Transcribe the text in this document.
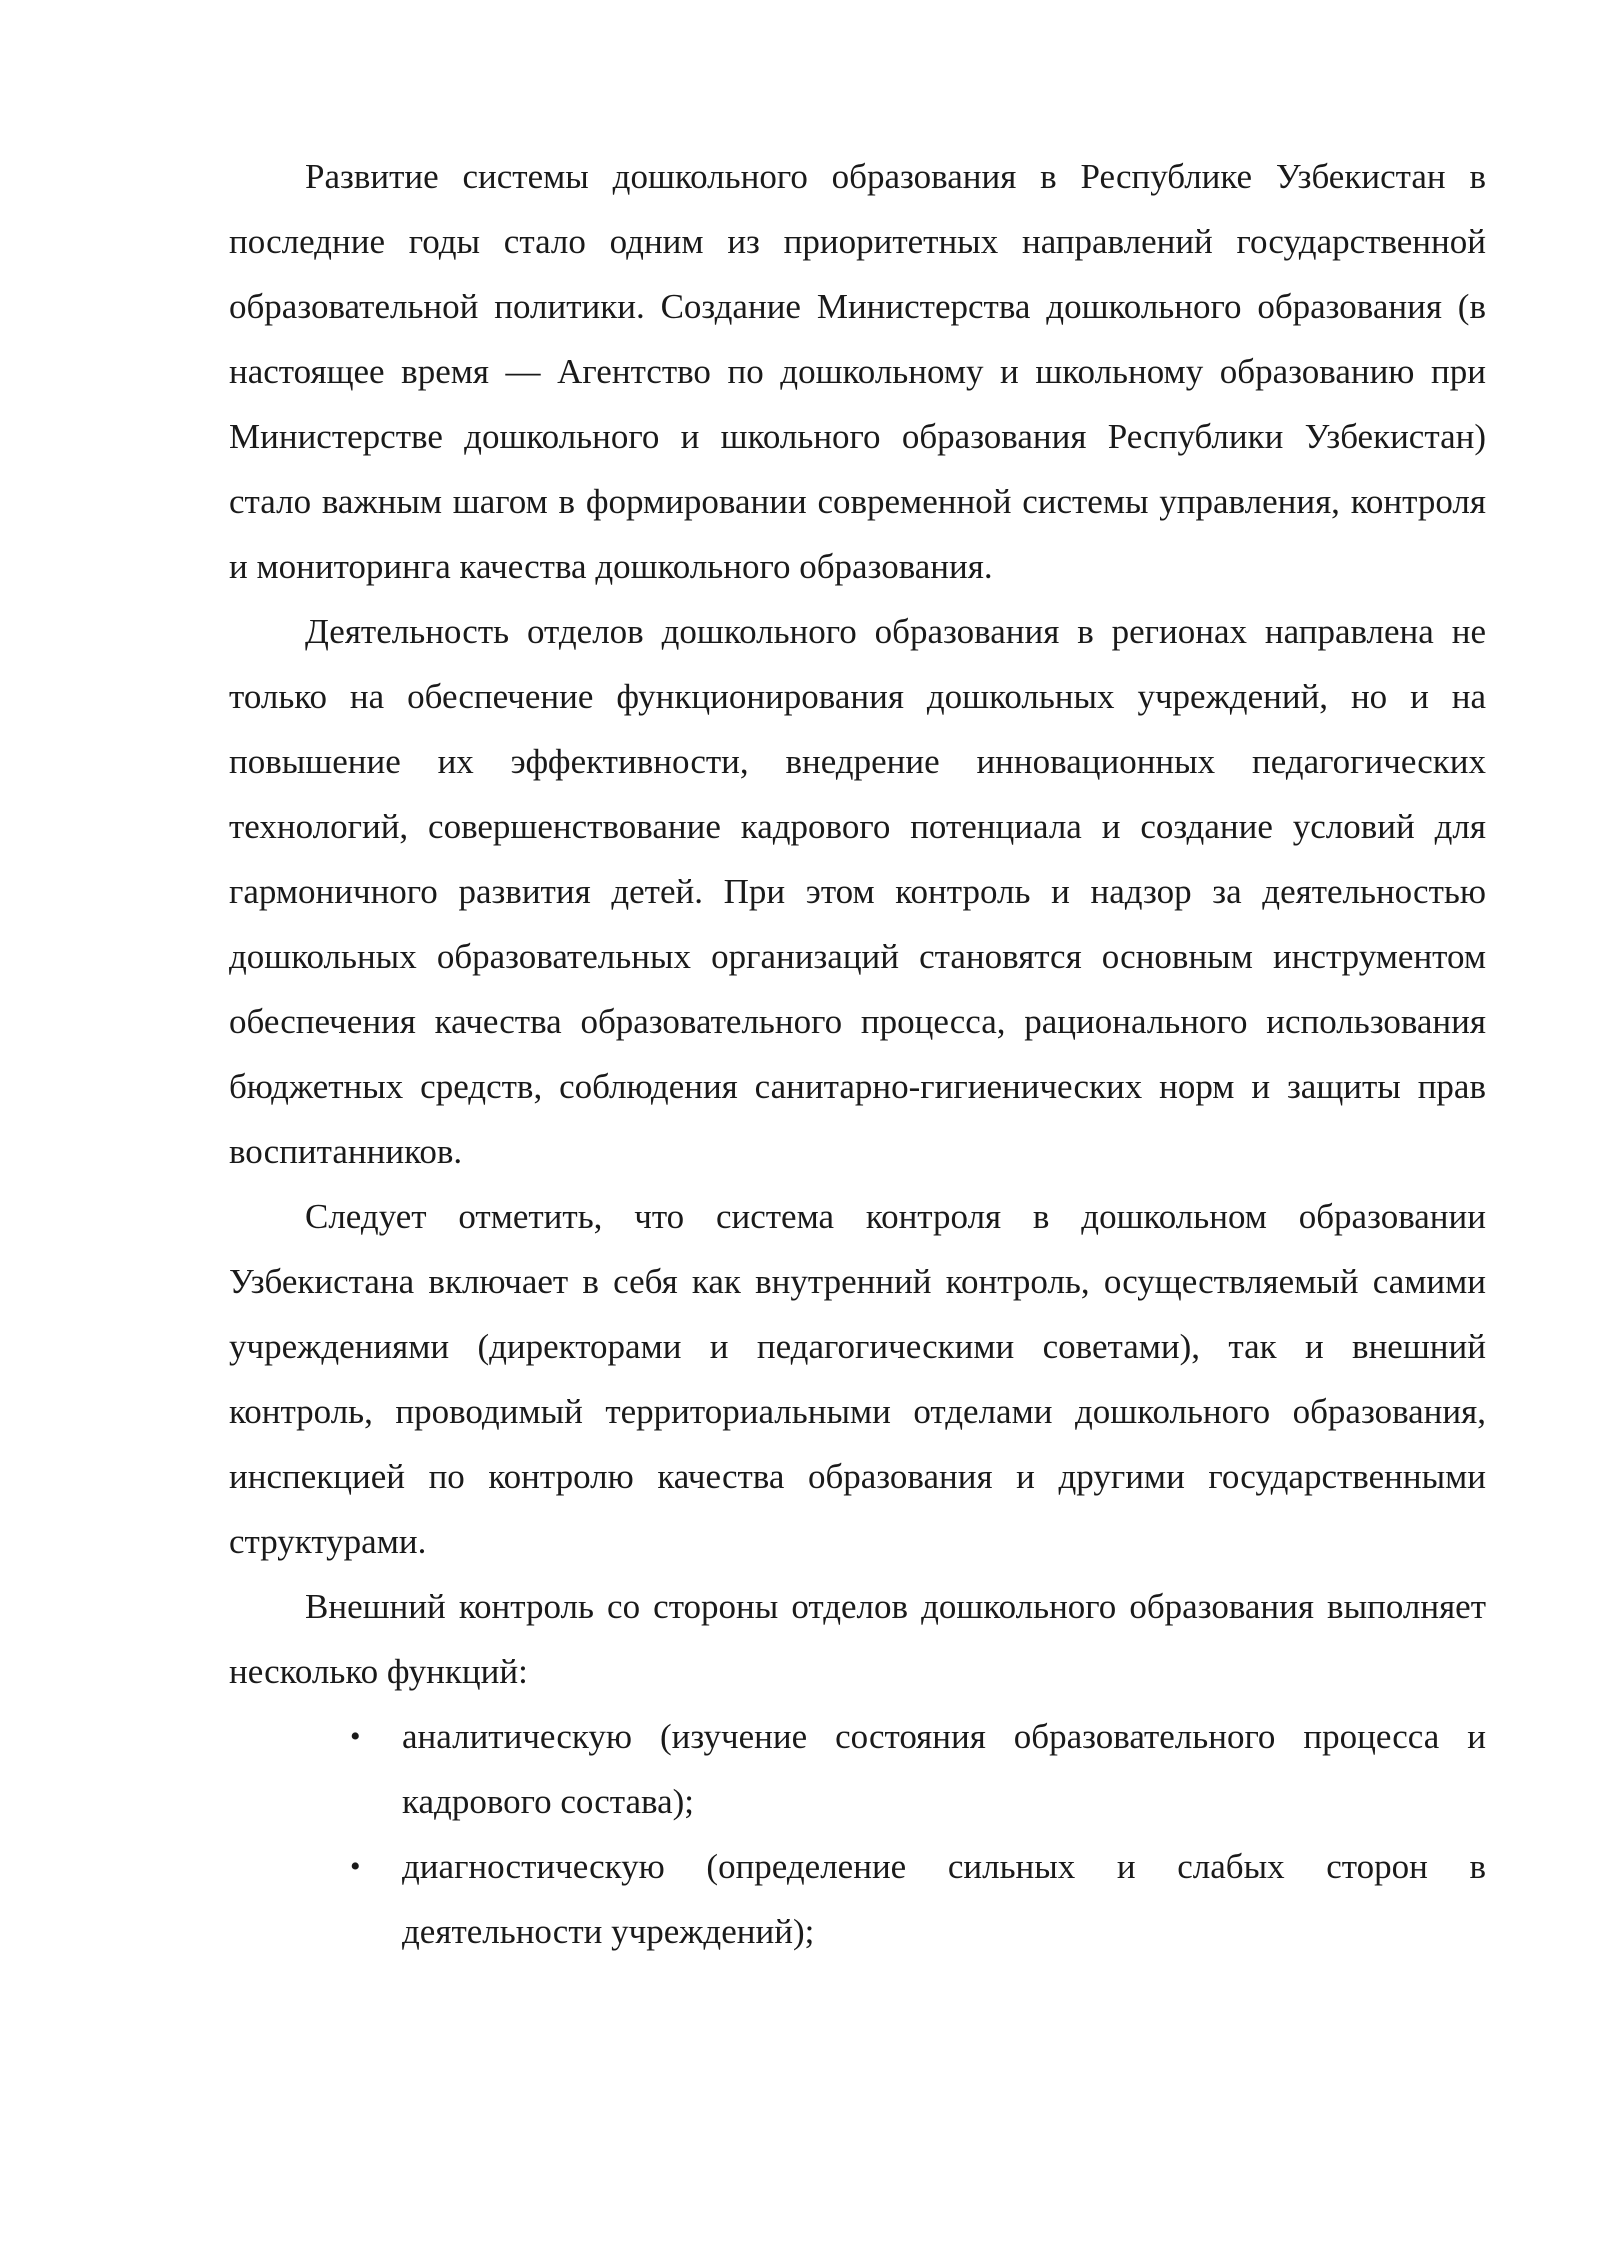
Развитие системы дошкольного образования в Республике Узбекистан в последние годы стало одним из приоритетных направлений государственной образовательной политики. Создание Министерства дошкольного образования (в настоящее время — Агентство по дошкольному и школьному образованию при Министерстве дошкольного и школьного образования Республики Узбекистан) стало важным шагом в формировании современной системы управления, контроля и мониторинга качества дошкольного образования.

Деятельность отделов дошкольного образования в регионах направлена не только на обеспечение функционирования дошкольных учреждений, но и на повышение их эффективности, внедрение инновационных педагогических технологий, совершенствование кадрового потенциала и создание условий для гармоничного развития детей. При этом контроль и надзор за деятельностью дошкольных образовательных организаций становятся основным инструментом обеспечения качества образовательного процесса, рационального использования бюджетных средств, соблюдения санитарно-гигиенических норм и защиты прав воспитанников.

Следует отметить, что система контроля в дошкольном образовании Узбекистана включает в себя как внутренний контроль, осуществляемый самими учреждениями (директорами и педагогическими советами), так и внешний контроль, проводимый территориальными отделами дошкольного образования, инспекцией по контролю качества образования и другими государственными структурами.

Внешний контроль со стороны отделов дошкольного образования выполняет несколько функций:

• аналитическую (изучение состояния образовательного процесса и кадрового состава);
• диагностическую (определение сильных и слабых сторон в деятельности учреждений);
